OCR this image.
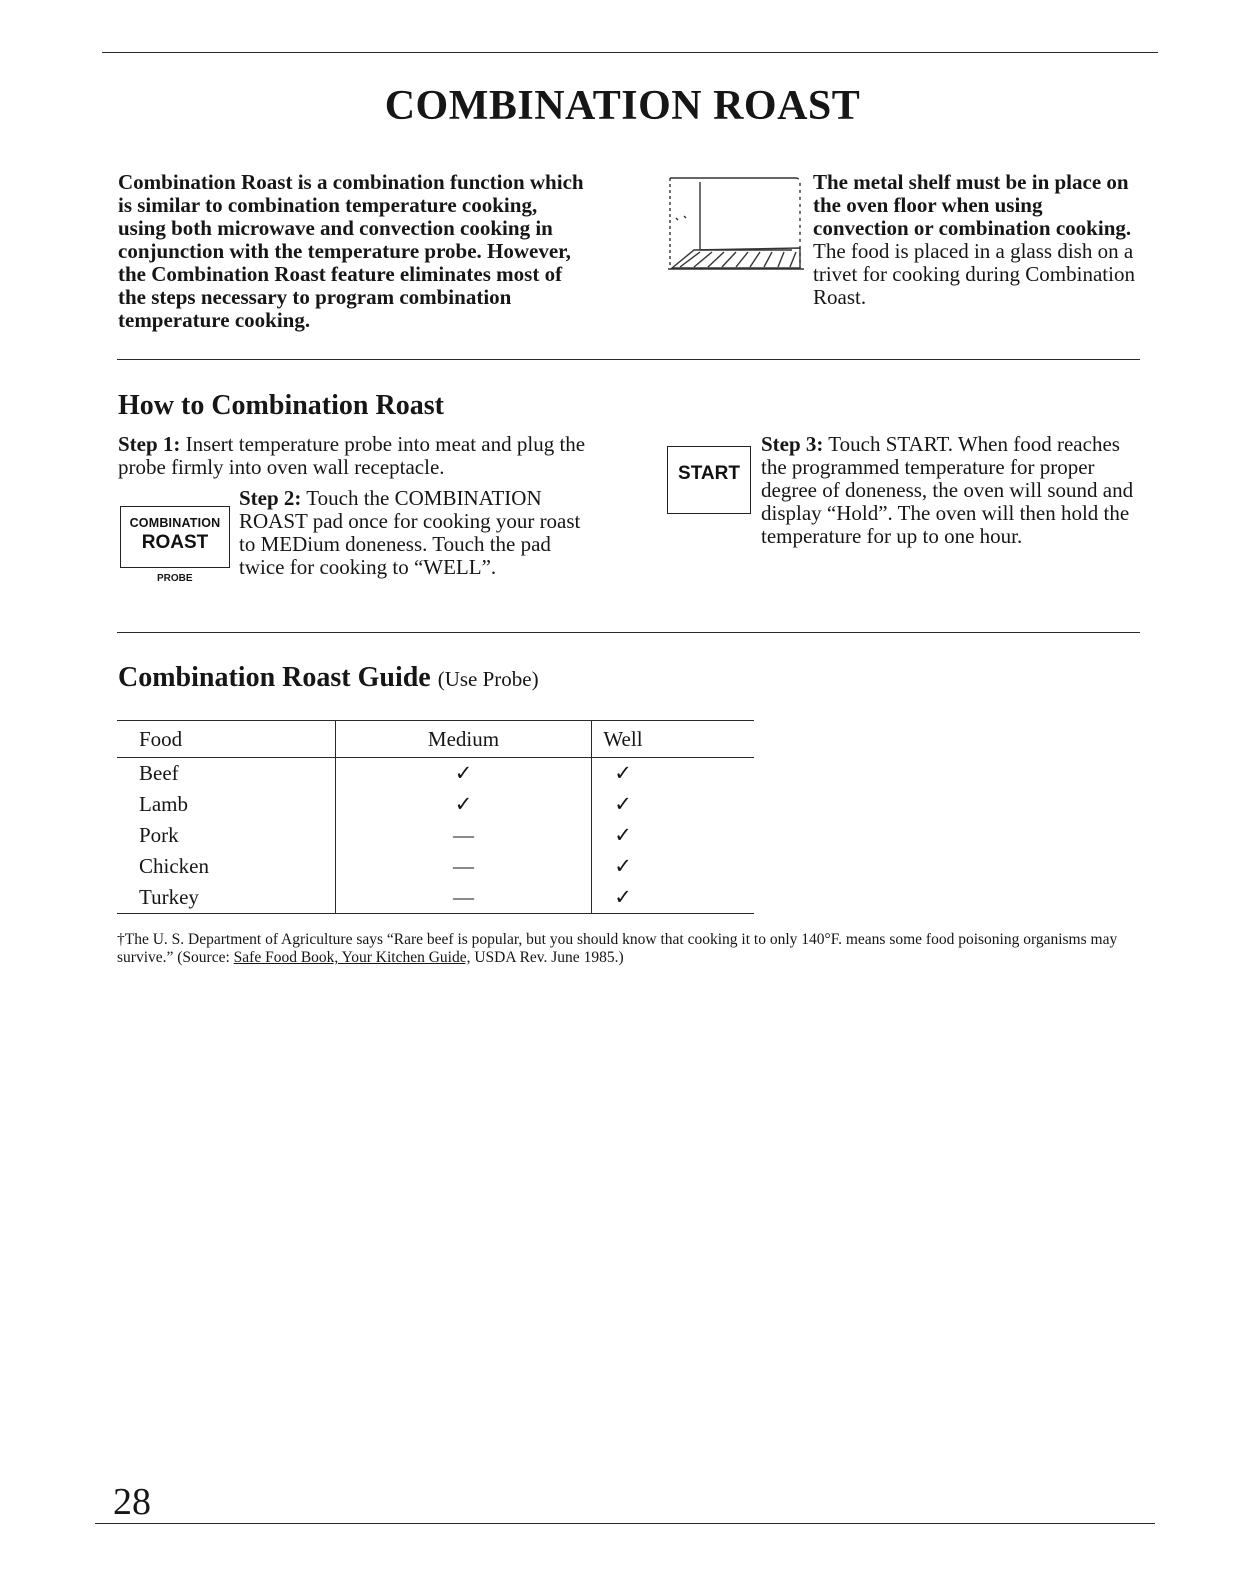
COMBINATION ROAST
Combination Roast is a combination function which is similar to combination temperature cooking, using both microwave and convection cooking in conjunction with the temperature probe. However, the Combination Roast feature eliminates most of the steps necessary to program combination temperature cooking.
The metal shelf must be in place on the oven floor when using convection or combination cooking. The food is placed in a glass dish on a trivet for cooking during Combination Roast.
How to Combination Roast
Step 1: Insert temperature probe into meat and plug the probe firmly into oven wall receptacle.
COMBINATION
ROAST
PROBE
Step 2: Touch the COMBINATION ROAST pad once for cooking your roast to MEDium doneness. Touch the pad twice for cooking to “WELL”.
START
Step 3: Touch START. When food reaches the programmed temperature for proper degree of doneness, the oven will sound and display “Hold”. The oven will then hold the temperature for up to one hour.
Combination Roast Guide (Use Probe)
Food	Medium	Well
Beef	✓	✓
Lamb	✓	✓
Pork	—	✓
Chicken	—	✓
Turkey	—	✓
†The U. S. Department of Agriculture says “Rare beef is popular, but you should know that cooking it to only 140°F. means some food poisoning organisms may survive.” (Source: Safe Food Book, Your Kitchen Guide, USDA Rev. June 1985.)
28
